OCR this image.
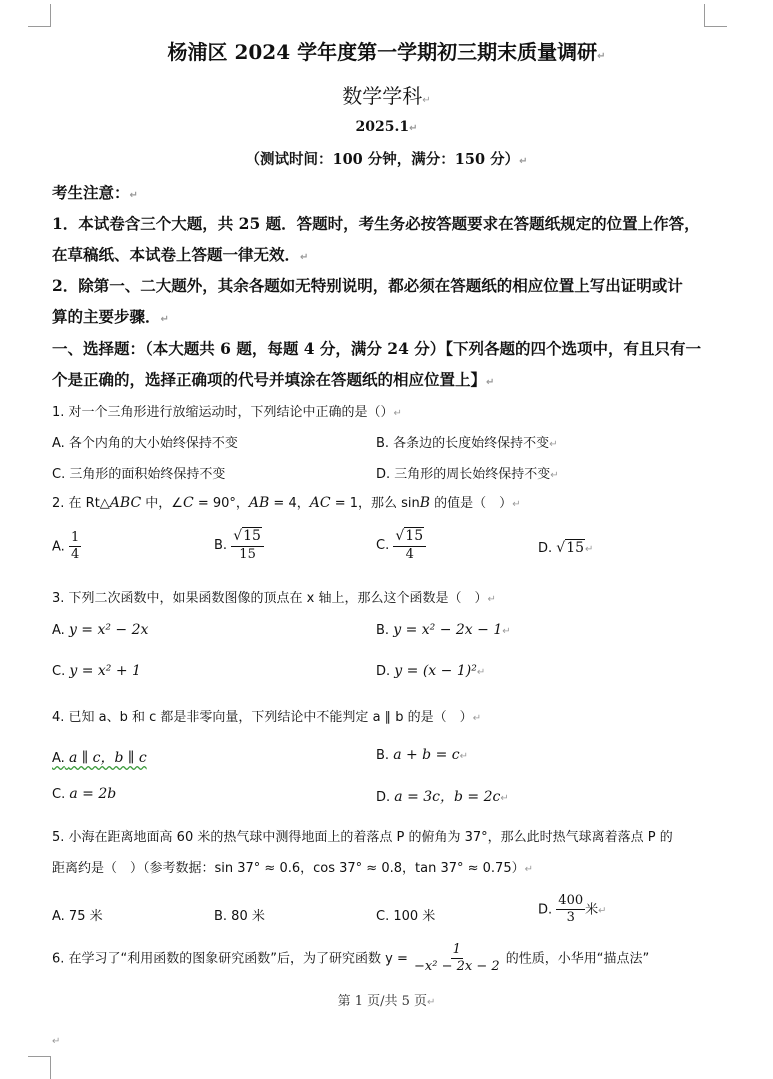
杨浦区 2024 学年度第一学期初三期末质量调研↵
数学学科↵
2025.1↵
（测试时间：100 分钟，满分：150 分）↵
考生注意：↵
1．本试卷含三个大题，共 25 题．答题时，考生务必按答题要求在答题纸规定的位置上作答，
在草稿纸、本试卷上答题一律无效．↵
2．除第一、二大题外，其余各题如无特别说明，都必须在答题纸的相应位置上写出证明或计
算的主要步骤．↵
一、选择题：（本大题共 6 题，每题 4 分，满分 24 分）【下列各题的四个选项中，有且只有一
个是正确的，选择正确项的代号并填涂在答题纸的相应位置上】↵
1. 对一个三角形进行放缩运动时，下列结论中正确的是（）↵
A. 各个内角的大小始终保持不变	B. 各条边的长度始终保持不变↵
C. 三角形的面积始终保持不变	D. 三角形的周长始终保持不变↵
2. 在 Rt△ABC 中，∠C = 90°，AB = 4，AC = 1，那么 sinB 的值是（　）↵
A. $\frac{1}{4}$	B. $\frac{√15}{15}$	C. $\frac{√15}{4}$	D. √15↵
3. 下列二次函数中，如果函数图像的顶点在 x 轴上，那么这个函数是（　）↵
A. y = x² − 2x	B. y = x² − 2x − 1↵
C. y = x² + 1	D. y = (x − 1)²↵
4. 已知 a、b 和 c 都是非零向量，下列结论中不能判定 a ∥ b 的是（　）↵
A. a ∥ c，b ∥ c	B. a + b = c↵
C. a = 2b	D. a = 3c，b = 2c↵
5. 小海在距离地面高 60 米的热气球中测得地面上的着落点 P 的俯角为 37°，那么此时热气球离着落点 P 的
距离约是（　）（参考数据：sin 37° ≈ 0.6，cos 37° ≈ 0.8，tan 37° ≈ 0.75）↵
A. 75 米	B. 80 米	C. 100 米	D. $\frac{400}{3}$ 米↵
6. 在学习了“利用函数的图象研究函数”后，为了研究函数 $y = \frac{1}{\text{−x² − 2x − 2}}$ 的性质，小华用“描点法”
第 1 页/共 5 页↵
↵
